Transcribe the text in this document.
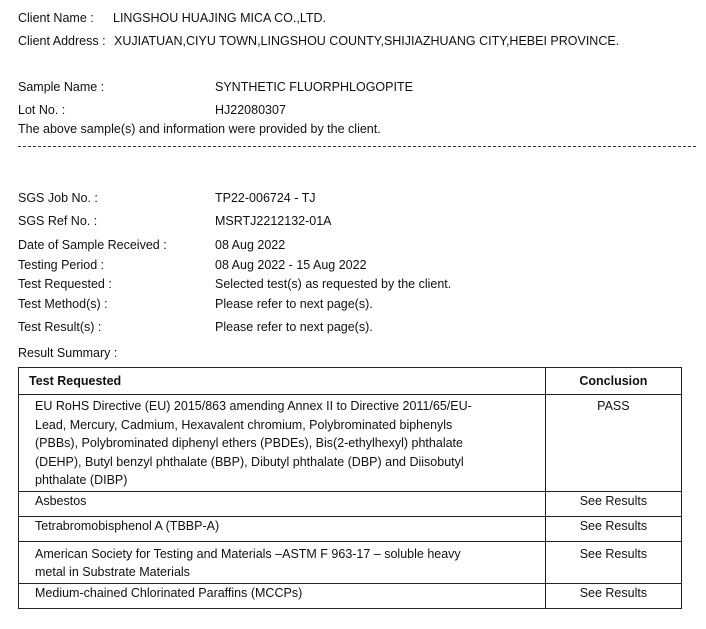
Client Name : LINGSHOU HUAJING MICA CO.,LTD.
Client Address : XUJIATUAN,CIYU TOWN,LINGSHOU COUNTY,SHIJIAZHUANG CITY,HEBEI PROVINCE.
Sample Name :	SYNTHETIC FLUORPHLOGOPITE
Lot No. :	HJ22080307
The above sample(s) and information were provided by the client.
SGS Job No. :	TP22-006724 - TJ
SGS Ref No. :	MSRTJ2212132-01A
Date of Sample Received :	08 Aug 2022
Testing Period :	08 Aug 2022 - 15 Aug 2022
Test Requested :	Selected test(s) as requested by the client.
Test Method(s) :	Please refer to next page(s).
Test Result(s) :	Please refer to next page(s).
Result Summary :
Test Requested	Conclusion

EU RoHS Directive (EU) 2015/863 amending Annex II to Directive 2011/65/EU-
Lead, Mercury, Cadmium, Hexavalent chromium, Polybrominated biphenyls
(PBBs), Polybrominated diphenyl ethers (PBDEs), Bis(2-ethylhexyl) phthalate
(DEHP), Butyl benzyl phthalate (BBP), Dibutyl phthalate (DBP) and Diisobutyl
phthalate (DIBP)	PASS
Asbestos	See Results
Tetrabromobisphenol A (TBBP-A)	See Results

American Society for Testing and Materials –ASTM F 963-17 – soluble heavy
metal in Substrate Materials	See Results
Medium-chained Chlorinated Paraffins (MCCPs)	See Results
